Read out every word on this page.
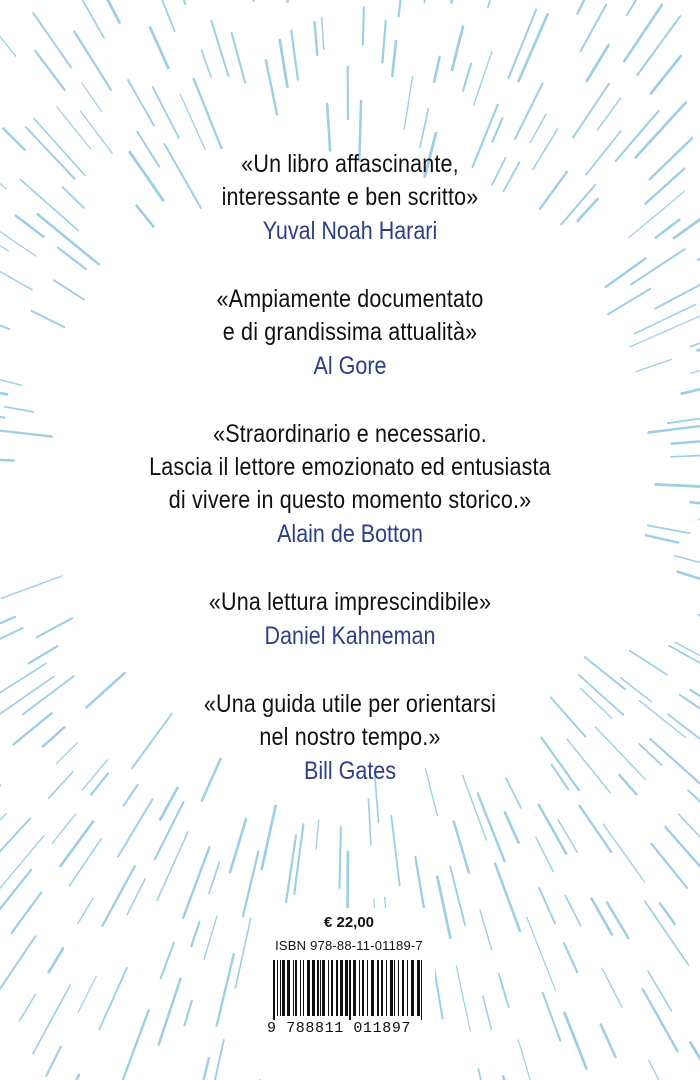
«Un libro affascinante,
interessante e ben scritto»
Yuval Noah Harari
«Ampiamente documentato
e di grandissima attualità»
Al Gore
«Straordinario e necessario.
Lascia il lettore emozionato ed entusiasta
di vivere in questo momento storico.»
Alain de Botton
«Una lettura imprescindibile»
Daniel Kahneman
«Una guida utile per orientarsi
nel nostro tempo.»
Bill Gates
€ 22,00
ISBN 978-88-11-01189-7
9 788811 011897
